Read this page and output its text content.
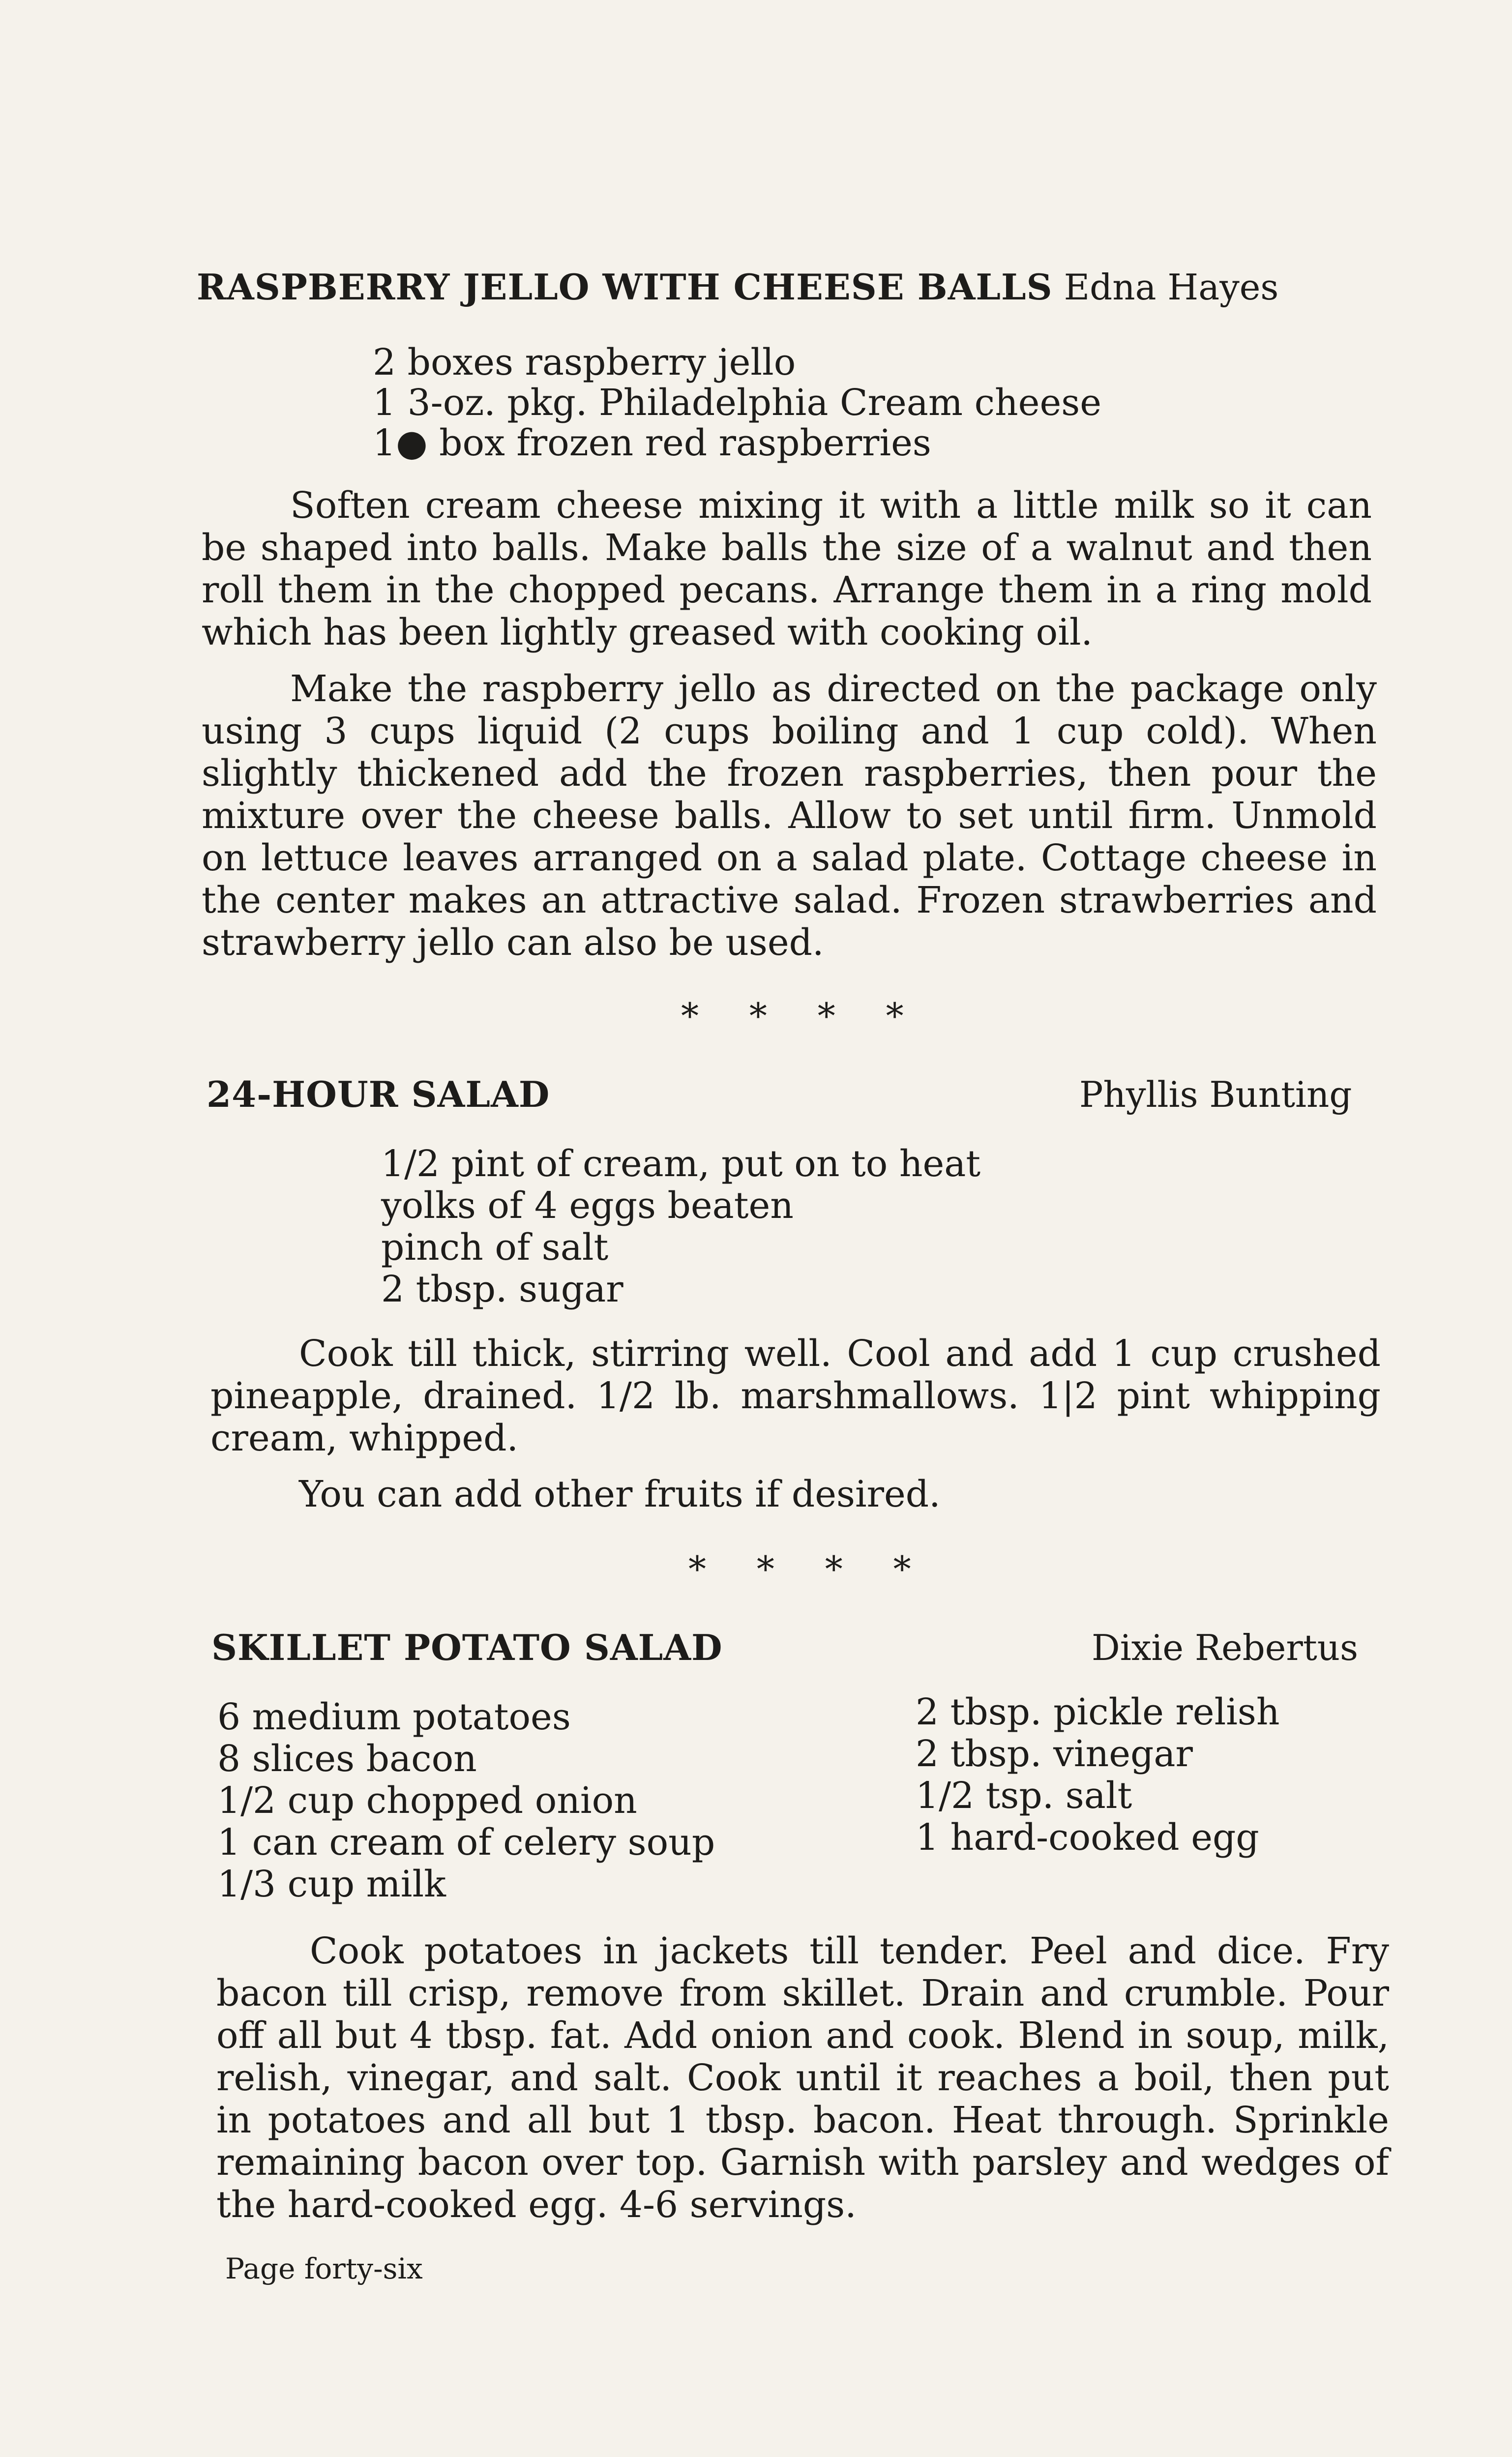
RASPBERRY JELLO WITH CHEESE BALLS Edna Hayes
2 boxes raspberry jello
1 3-oz. pkg. Philadelphia Cream cheese
1● box frozen red raspberries
Soften cream cheese mixing it with a little milk so it can be shaped into balls. Make balls the size of a walnut and then roll them in the chopped pecans. Arrange them in a ring mold which has been lightly greased with cooking oil.
Make the raspberry jello as directed on the package only using 3 cups liquid (2 cups boiling and 1 cup cold). When slightly thickened add the frozen raspberries, then pour the mixture over the cheese balls. Allow to set until firm. Unmold on lettuce leaves arranged on a salad plate. Cottage cheese in the center makes an attractive salad. Frozen strawberries and strawberry jello can also be used.
* * * *
24-HOUR SALAD	Phyllis Bunting
1/2 pint of cream, put on to heat
yolks of 4 eggs beaten
pinch of salt
2 tbsp. sugar
Cook till thick, stirring well. Cool and add 1 cup crushed pineapple, drained. 1/2 lb. marshmallows. 1|2 pint whipping cream, whipped.
You can add other fruits if desired.
* * * *
SKILLET POTATO SALAD	Dixie Rebertus
6 medium potatoes
8 slices bacon
1/2 cup chopped onion
1 can cream of celery soup
1/3 cup milk
2 tbsp. pickle relish
2 tbsp. vinegar
1/2 tsp. salt
1 hard-cooked egg
Cook potatoes in jackets till tender. Peel and dice. Fry bacon till crisp, remove from skillet. Drain and crumble. Pour off all but 4 tbsp. fat. Add onion and cook. Blend in soup, milk, relish, vinegar, and salt. Cook until it reaches a boil, then put in potatoes and all but 1 tbsp. bacon. Heat through. Sprinkle remaining bacon over top. Garnish with parsley and wedges of the hard-cooked egg. 4-6 servings.
Page forty-six
